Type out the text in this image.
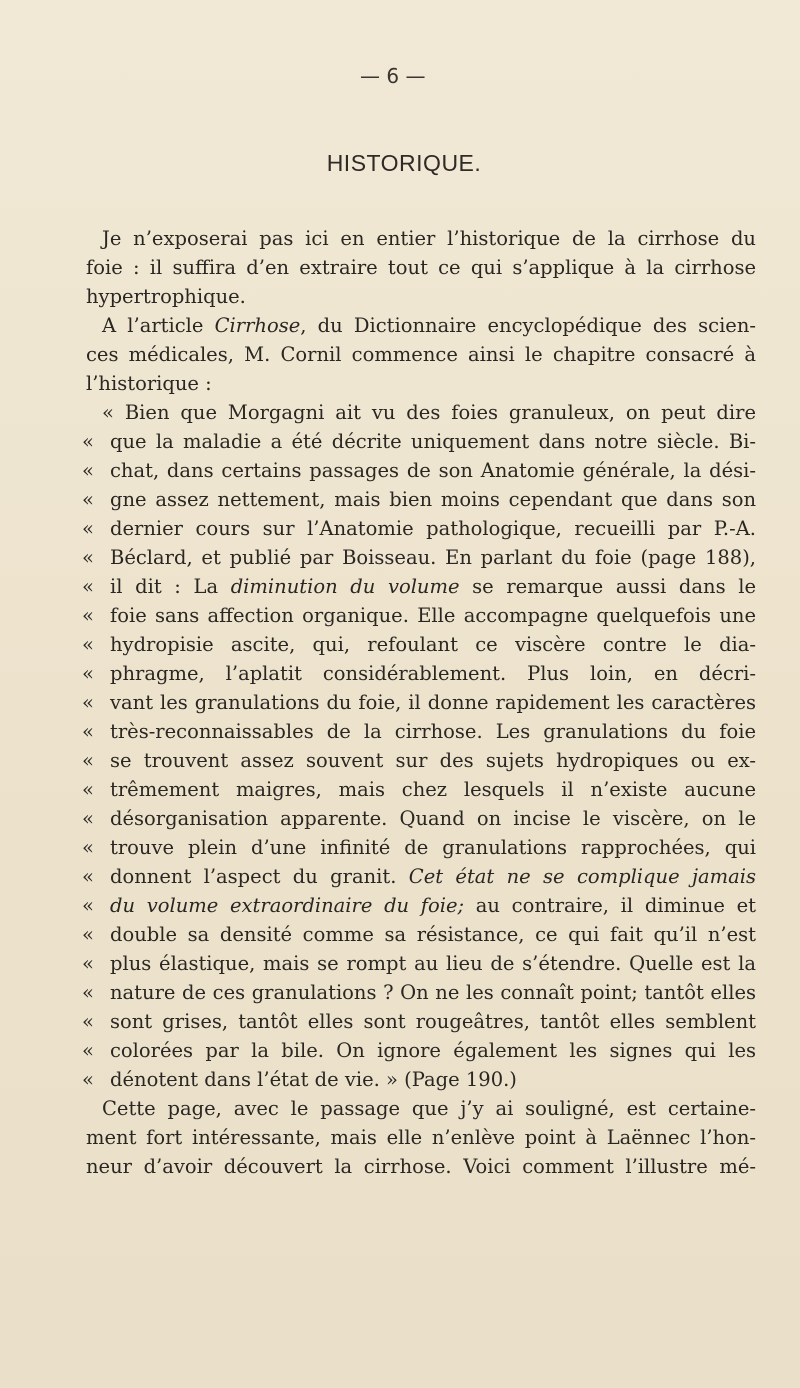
— 6 —
HISTORIQUE.
Je n’exposerai pas ici en entier l’historique de la cirrhose du
foie : il suffira d’en extraire tout ce qui s’applique à la cirrhose
hypertrophique.
A l’article Cirrhose, du Dictionnaire encyclopédique des scien-
ces médicales, M. Cornil commence ainsi le chapitre consacré à
l’historique :
« Bien que Morgagni ait vu des foies granuleux, on peut dire
« que la maladie a été décrite uniquement dans notre siècle. Bi-
« chat, dans certains passages de son Anatomie générale, la dési-
« gne assez nettement, mais bien moins cependant que dans son
« dernier cours sur l’Anatomie pathologique, recueilli par P.-A.
« Béclard, et publié par Boisseau. En parlant du foie (page 188),
« il dit : La diminution du volume se remarque aussi dans le
« foie sans affection organique. Elle accompagne quelquefois une
« hydropisie ascite, qui, refoulant ce viscère contre le dia-
« phragme, l’aplatit considérablement. Plus loin, en décri-
« vant les granulations du foie, il donne rapidement les caractères
« très-reconnaissables de la cirrhose. Les granulations du foie
« se trouvent assez souvent sur des sujets hydropiques ou ex-
« trêmement maigres, mais chez lesquels il n’existe aucune
« désorganisation apparente. Quand on incise le viscère, on le
« trouve plein d’une infinité de granulations rapprochées, qui
« donnent l’aspect du granit. Cet état ne se complique jamais
« du volume extraordinaire du foie; au contraire, il diminue et
« double sa densité comme sa résistance, ce qui fait qu’il n’est
« plus élastique, mais se rompt au lieu de s’étendre. Quelle est la
« nature de ces granulations ? On ne les connaît point; tantôt elles
« sont grises, tantôt elles sont rougeâtres, tantôt elles semblent
« colorées par la bile. On ignore également les signes qui les
« dénotent dans l’état de vie. » (Page 190.)
Cette page, avec le passage que j’y ai souligné, est certaine-
ment fort intéressante, mais elle n’enlève point à Laënnec l’hon-
neur d’avoir découvert la cirrhose. Voici comment l’illustre mé-
